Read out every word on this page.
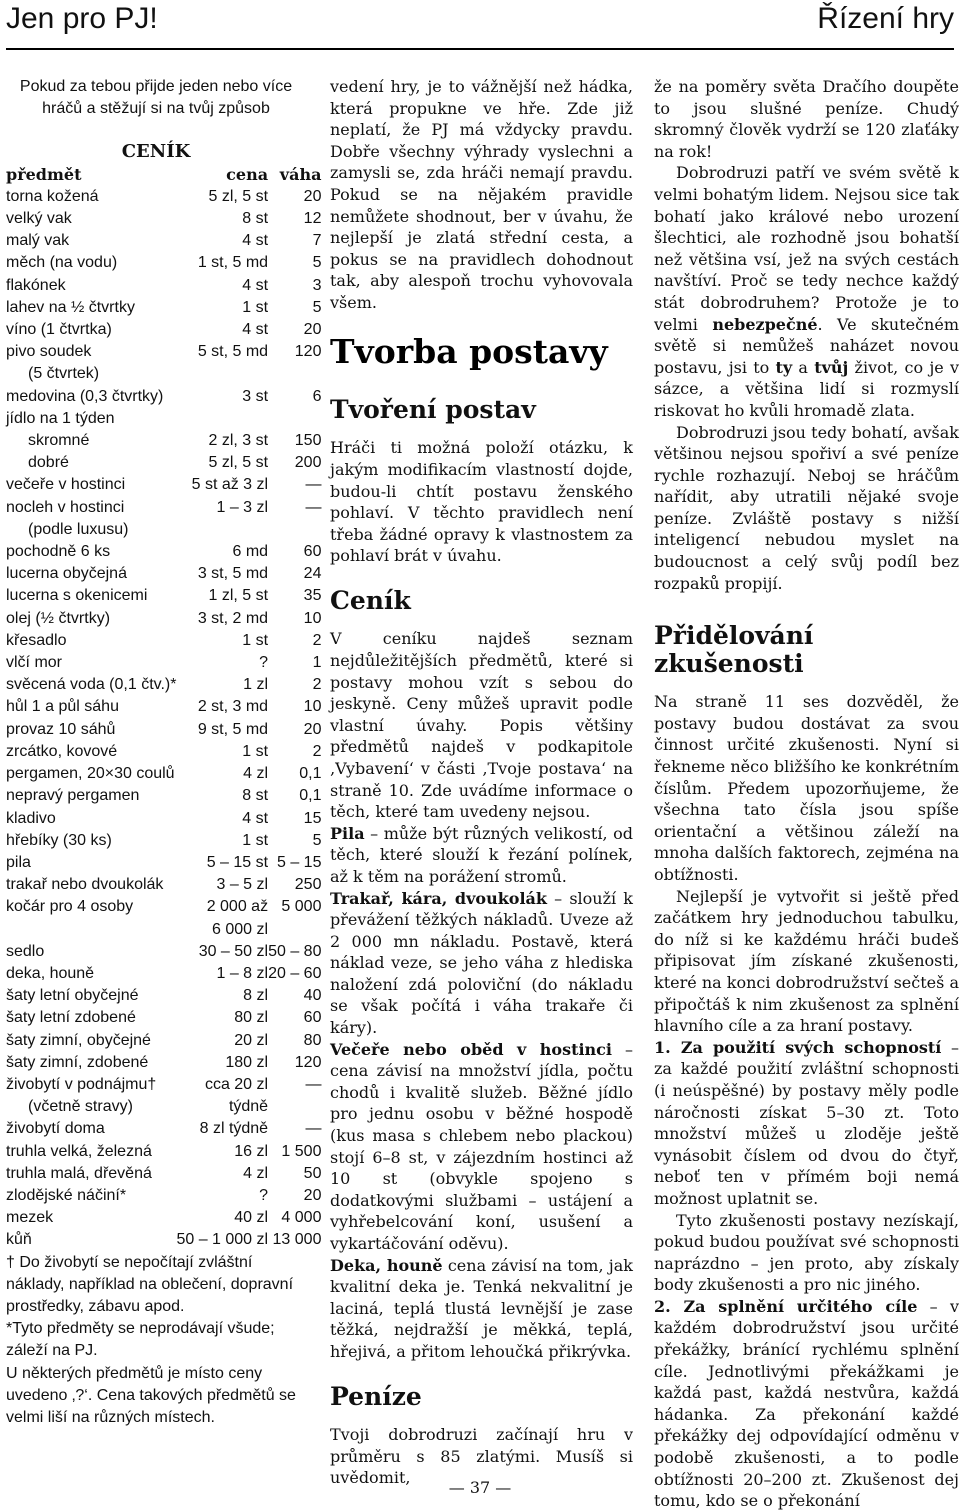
Jen pro PJ!	Řízení hry

Pokud za tebou přijde jeden nebo více hráčů a stěžují si na tvůj způsob

CENÍK
předmět	cena	váha
torna kožená	5 zl, 5 st	20
velký vak	8 st	12
malý vak	4 st	7
měch (na vodu)	1 st, 5 md	5
flakónek	4 st	3
lahev na ½ čtvrtky	1 st	5
víno (1 čtvrtka)	4 st	20
pivo soudek	5 st, 5 md	120
(5 čtvrtek)		
medovina (0,3 čtvrtky)	3 st	6
jídlo na 1 týden		
skromné	2 zl, 3 st	150
dobré	5 zl, 5 st	200
večeře v hostinci	5 st až 3 zl	—
nocleh v hostinci	1 – 3 zl	—
(podle luxusu)		
pochodně 6 ks	6 md	60
lucerna obyčejná	3 st, 5 md	24
lucerna s okenicemi	1 zl, 5 st	35
olej (½ čtvrtky)	3 st, 2 md	10
křesadlo	1 st	2
vlčí mor	?	1
svěcená voda (0,1 čtv.)*	1 zl	2
hůl 1 a půl sáhu	2 st, 3 md	10
provaz 10 sáhů	9 st, 5 md	20
zrcátko, kovové	1 st	2
pergamen, 20×30 coulů	4 zl	0,1
nepravý pergamen	8 st	0,1
kladivo	4 st	15
hřebíky (30 ks)	1 st	5
pila	5 – 15 st	5 – 15
trakař nebo dvoukolák	3 – 5 zl	250
kočár pro 4 osoby	2 000 až	5 000
	6 000 zl	
sedlo	30 – 50 zl	50 – 80
deka, houně	1 – 8 zl	20 – 60
šaty letní obyčejné	8 zl	40
šaty letní zdobené	80 zl	60
šaty zimní, obyčejné	20 zl	80
šaty zimní, zdobené	180 zl	120
živobytí v podnájmu†	cca 20 zl	—
(včetně stravy)	týdně	
živobytí doma	8 zl týdně	—
truhla velká, železná	16 zl	1 500
truhla malá, dřevěná	4 zl	50
zlodějské náčiní*	?	20
mezek	40 zl	4 000
kůň	50 – 1 000 zl	13 000

† Do živobytí se nepočítají zvláštní náklady, například na oblečení, dopravní prostředky, zábavu apod.

*Tyto předměty se neprodávají všude; záleží na PJ.

U některých předmětů je místo ceny uvedeno ‚?‘. Cena takových předmětů se velmi liší na různých místech.

vedení hry, je to vážnější než hádka, která propukne ve hře. Zde již neplatí, že PJ má vždycky pravdu. Dobře všechny výhrady vyslechni a zamysli se, zda hráči nemají pravdu. Pokud se na nějakém pravidle nemůžete shodnout, ber v úvahu, že nejlepší je zlatá střední cesta, a pokus se na pravidlech dohodnout tak, aby alespoň trochu vyhovovala všem.

Tvorba postavy
Tvoření postav

Hráči ti možná položí otázku, k jakým modifikacím vlastností dojde, budou-li chtít postavu ženského pohlaví. V těchto pravidlech není třeba žádné opravy k vlastnostem za pohlaví brát v úvahu.

Ceník

V ceníku najdeš seznam nejdůležitějších předmětů, které si postavy mohou vzít s sebou do jeskyně. Ceny můžeš upravit podle vlastní úvahy. Popis většiny předmětů najdeš v podkapitole ‚Vybavení‘ v části ‚Tvoje postava‘ na straně 10. Zde uvádíme informace o těch, které tam uvedeny nejsou.

Pila – může být různých velikostí, od těch, které slouží k řezání polínek, až k těm na porážení stromů.

Trakař, kára, dvoukolák – slouží k převážení těžkých nákladů. Uveze až 2 000 mn nákladu. Postavě, která náklad veze, se jeho váha z hlediska naložení zdá poloviční (do nákladu se však počítá i váha trakaře či káry).

Večeře nebo oběd v hostinci – cena závisí na množství jídla, počtu chodů i kvalitě služeb. Běžné jídlo pro jednu osobu v běžné hospodě (kus masa s chlebem nebo plackou) stojí 6–8 st, v zájezdním hostinci až 10 st (obvykle spojeno s dodatkovými službami – ustájení a vyhřebelcování koní, usušení a vykartáčování oděvu).

Deka, houně cena závisí na tom, jak kvalitní deka je. Tenká nekvalitní je laciná, teplá tlustá levnější je zase těžká, nejdražší je měkká, teplá, hřejivá, a přitom lehoučká přikrývka.

Peníze

Tvoji dobrodruzi začínají hru v průměru s 85 zlatými. Musíš si uvědomit,

že na poměry světa Dračího doupěte to jsou slušné peníze. Chudý skromný člověk vydrží se 120 zlaťáky na rok!

Dobrodruzi patří ve svém světě k velmi bohatým lidem. Nejsou sice tak bohatí jako králové nebo urození šlechtici, ale rozhodně jsou bohatší než většina vsí, jež na svých cestách navštíví. Proč se tedy nechce každý stát dobrodruhem? Protože je to velmi nebezpečné. Ve skutečném světě si nemůžeš naházet novou postavu, jsi to ty a tvůj život, co je v sázce, a většina lidí si rozmyslí riskovat ho kvůli hromadě zlata.

Dobrodruzi jsou tedy bohatí, avšak většinou nejsou spořiví a své peníze rychle rozhazují. Neboj se hráčům nařídit, aby utratili nějaké svoje peníze. Zvláště postavy s nižší inteligencí nebudou myslet na budoucnost a celý svůj podíl bez rozpaků propijí.

Přidělování zkušenosti

Na straně 11 ses dozvěděl, že postavy budou dostávat za svou činnost určité zkušenosti. Nyní si řekneme něco bližšího ke konkrétním číslům. Předem upozorňujeme, že všechna tato čísla jsou spíše orientační a většinou záleží na mnoha dalších faktorech, zejména na obtížnosti.

Nejlepší je vytvořit si ještě před začátkem hry jednoduchou tabulku, do níž si ke každému hráči budeš připisovat jím získané zkušenosti, které na konci dobrodružství sečteš a připočtáš k nim zkušenost za splnění hlavního cíle a za hraní postavy.

1. Za použití svých schopností – za každé použití zvláštní schopnosti (i neúspěšné) by postavy měly podle náročnosti získat 5–30 zt. Toto množství můžeš u zloděje ještě vynásobit číslem od dvou do čtyř, neboť ten v přímém boji nemá možnost uplatnit se.

Tyto zkušenosti postavy nezískají, pokud budou používat své schopnosti naprázdno – jen proto, aby získaly body zkušenosti a pro nic jiného.

2. Za splnění určitého cíle – v každém dobrodružství jsou určité překážky, bránící rychlému splnění cíle. Jednotlivými překážkami je každá past, každá nestvůra, každá hádanka. Za překonání každé překážky dej odpovídající odměnu v podobě zkušenosti, a to podle obtížnosti 20–200 zt. Zkušenost dej tomu, kdo se o překonání

— 37 —
